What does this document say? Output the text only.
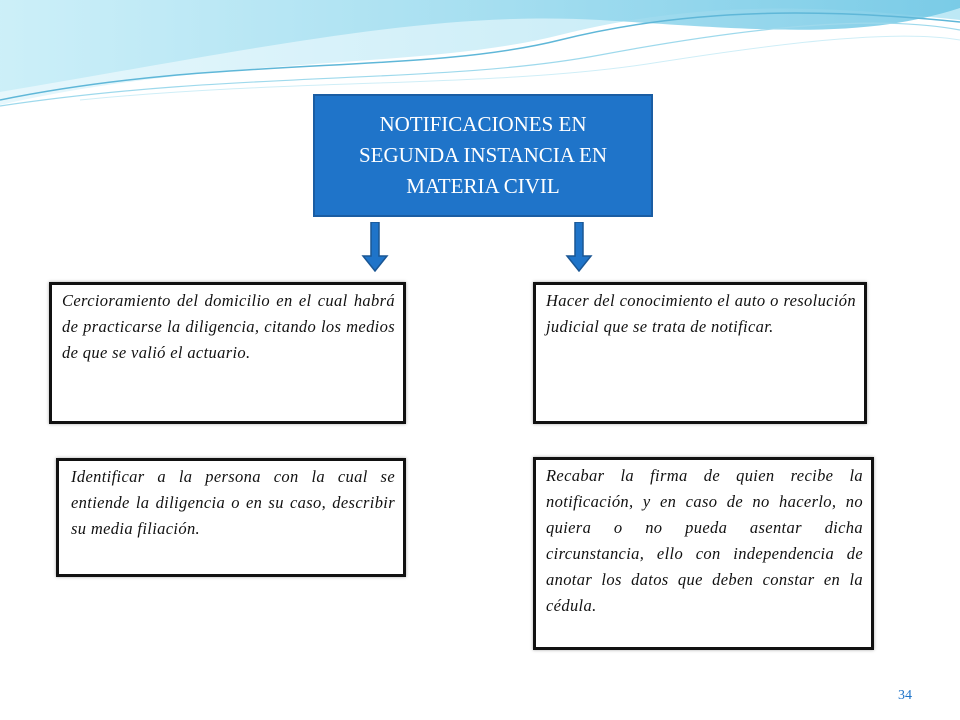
NOTIFICACIONES EN SEGUNDA INSTANCIA EN MATERIA CIVIL
Cercioramiento del domicilio en el cual habrá de practicarse la diligencia, citando los medios de que se valió el actuario.
Hacer del conocimiento el auto o resolución judicial que se trata de notificar.
Identificar a la persona con la cual se entiende la diligencia o en su caso, describir su media filiación.
Recabar la firma de quien recibe la notificación, y en caso de no hacerlo, no quiera o no pueda asentar dicha circunstancia, ello con independencia de anotar los datos que deben constar en la cédula.
34
